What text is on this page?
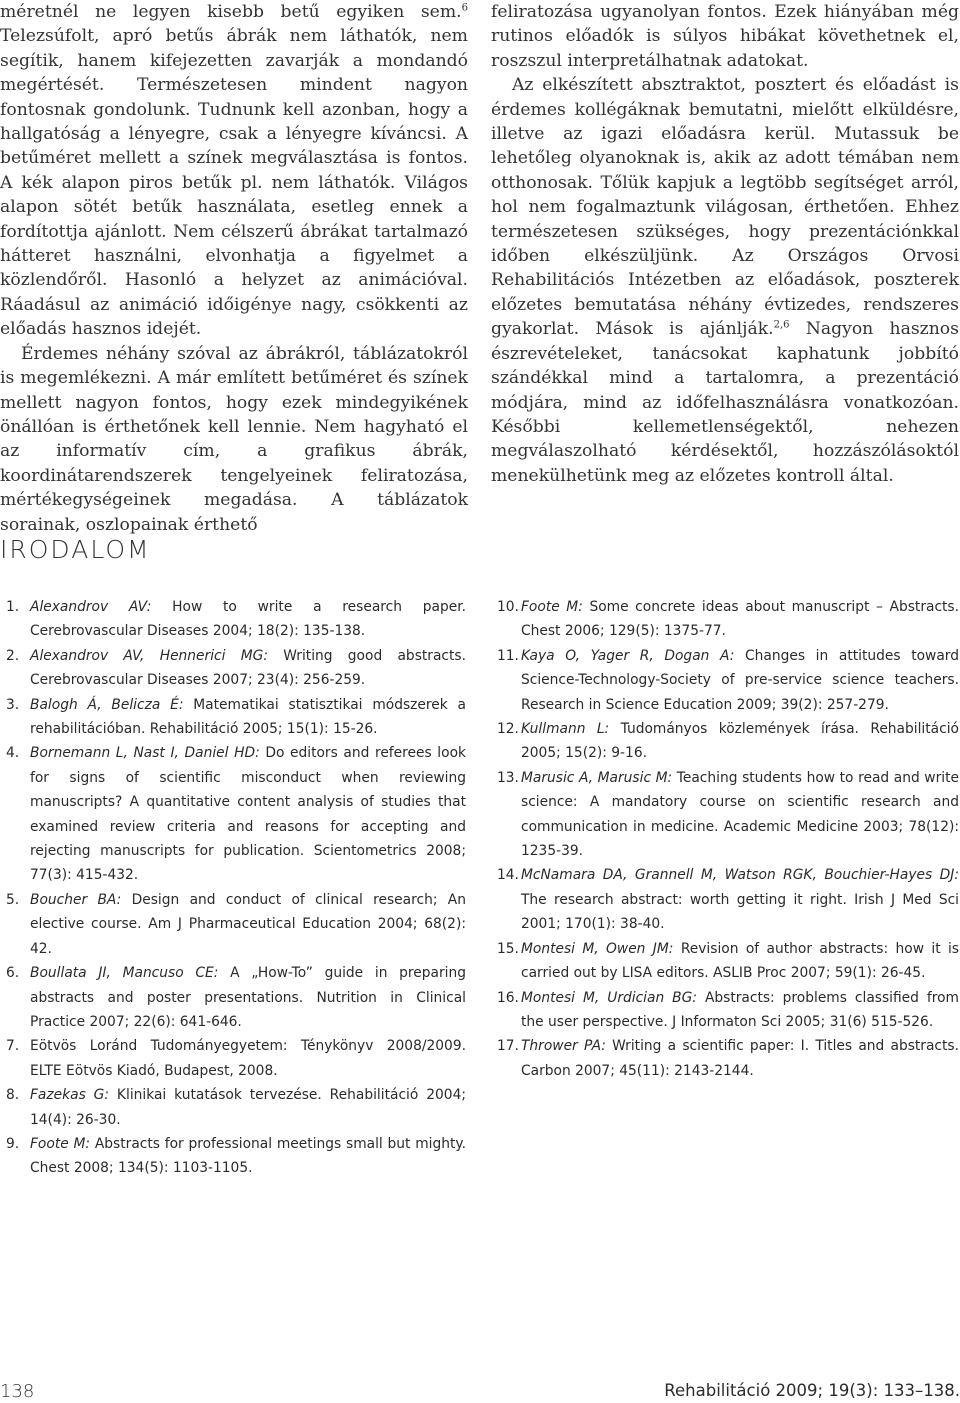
méretnél ne legyen kisebb betű egyiken sem.$^6$ Telezsúfolt, apró betűs ábrák nem láthatók, nem segítik, hanem kifejezetten zavarják a mondandó megértését. Természetesen mindent nagyon fontosnak gondolunk. Tudnunk kell azonban, hogy a hallgatóság a lényegre, csak a lényegre kíváncsi. A betűméret mellett a színek megválasztása is fontos. A kék alapon piros betűk pl. nem láthatók. Világos alapon sötét betűk használata, esetleg ennek a fordítottja ajánlott. Nem célszerű ábrákat tartalmazó hátteret használni, elvonhatja a figyelmet a közlendőről. Hasonló a helyzet az animációval. Ráadásul az animáció időigénye nagy, csökkenti az előadás hasznos idejét.

Érdemes néhány szóval az ábrákról, táblázatokról is megemlékezni. A már említett betűméret és színek mellett nagyon fontos, hogy ezek mindegyikének önállóan is érthetőnek kell lennie. Nem hagyható el az informatív cím, a grafikus ábrák, koordinátarendszerek tengelyeinek feliratozása, mértékegységeinek megadása. A táblázatok sorainak, oszlopainak érthető

feliratozása ugyanolyan fontos. Ezek hiányában még rutinos előadók is súlyos hibákat követhetnek el, roszszul interpretálhatnak adatokat.

Az elkészített absztraktot, posztert és előadást is érdemes kollégáknak bemutatni, mielőtt elküldésre, illetve az igazi előadásra kerül. Mutassuk be lehetőleg olyanoknak is, akik az adott témában nem otthonosak. Tőlük kapjuk a legtöbb segítséget arról, hol nem fogalmaztunk világosan, érthetően. Ehhez természetesen szükséges, hogy prezentációnkkal időben elkészüljünk. Az Országos Orvosi Rehabilitációs Intézetben az előadások, poszterek előzetes bemutatása néhány évtizedes, rendszeres gyakorlat. Mások is ajánlják.$^{2,6}$ Nagyon hasznos észrevételeket, tanácsokat kaphatunk jobbító szándékkal mind a tartalomra, a prezentáció módjára, mind az időfelhasználásra vonatkozóan. Későbbi kellemetlenségektől, nehezen megválaszolható kérdésektől, hozzászólásoktól menekülhetünk meg az előzetes kontroll által.

IRODALOM
1. Alexandrov AV: How to write a research paper. Cerebrovascular Diseases 2004; 18(2): 135-138.
2. Alexandrov AV, Hennerici MG: Writing good abstracts. Cerebrovascular Diseases 2007; 23(4): 256-259.
3. Balogh Á, Belicza É: Matematikai statisztikai módszerek a rehabilitációban. Rehabilitáció 2005; 15(1): 15-26.
4. Bornemann L, Nast I, Daniel HD: Do editors and referees look for signs of scientific misconduct when reviewing manuscripts? A quantitative content analysis of studies that examined review criteria and reasons for accepting and rejecting manuscripts for publication. Scientometrics 2008; 77(3): 415-432.
5. Boucher BA: Design and conduct of clinical research; An elective course. Am J Pharmaceutical Education 2004; 68(2): 42.
6. Boullata JI, Mancuso CE: A „How-To” guide in preparing abstracts and poster presentations. Nutrition in Clinical Practice 2007; 22(6): 641-646.
7. Eötvös Loránd Tudományegyetem: Ténykönyv 2008/2009. ELTE Eötvös Kiadó, Budapest, 2008.
8. Fazekas G: Klinikai kutatások tervezése. Rehabilitáció 2004; 14(4): 26-30.
9. Foote M: Abstracts for professional meetings small but mighty. Chest 2008; 134(5): 1103-1105.
10. Foote M: Some concrete ideas about manuscript – Abstracts. Chest 2006; 129(5): 1375-77.
11. Kaya O, Yager R, Dogan A: Changes in attitudes toward Science-Technology-Society of pre-service science teachers. Research in Science Education 2009; 39(2): 257-279.
12. Kullmann L: Tudományos közlemények írása. Rehabilitáció 2005; 15(2): 9-16.
13. Marusic A, Marusic M: Teaching students how to read and write science: A mandatory course on scientific research and communication in medicine. Academic Medicine 2003; 78(12): 1235-39.
14. McNamara DA, Grannell M, Watson RGK, Bouchier-Hayes DJ: The research abstract: worth getting it right. Irish J Med Sci 2001; 170(1): 38-40.
15. Montesi M, Owen JM: Revision of author abstracts: how it is carried out by LISA editors. ASLIB Proc 2007; 59(1): 26-45.
16. Montesi M, Urdician BG: Abstracts: problems classified from the user perspective. J Informaton Sci 2005; 31(6) 515-526.
17. Thrower PA: Writing a scientific paper: I. Titles and abstracts. Carbon 2007; 45(11): 2143-2144.
138	Rehabilitáció 2009; 19(3): 133–138.
